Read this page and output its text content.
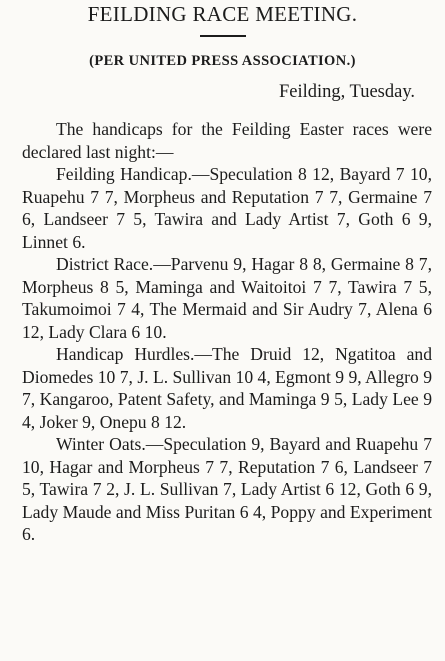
FEILDING RACE MEETING.
(PER UNITED PRESS ASSOCIATION.)
Feilding, Tuesday.

The handicaps for the Feilding Easter races were declared last night:—

Feilding Handicap.—Speculation 8 12, Bayard 7 10, Ruapehu 7 7, Morpheus and Reputation 7 7, Germaine 7 6, Landseer 7 5, Tawira and Lady Artist 7, Goth 6 9, Linnet 6.

District Race.—Parvenu 9, Hagar 8 8, Germaine 8 7, Morpheus 8 5, Maminga and Waitoitoi 7 7, Tawira 7 5, Takumoimoi 7 4, The Mermaid and Sir Audry 7, Alena 6 12, Lady Clara 6 10.

Handicap Hurdles.—The Druid 12, Ngatitoa and Diomedes 10 7, J. L. Sullivan 10 4, Egmont 9 9, Allegro 9 7, Kangaroo, Patent Safety, and Maminga 9 5, Lady Lee 9 4, Joker 9, Onepu 8 12.

Winter Oats.—Speculation 9, Bayard and Ruapehu 7 10, Hagar and Morpheus 7 7, Reputation 7 6, Landseer 7 5, Tawira 7 2, J. L. Sullivan 7, Lady Artist 6 12, Goth 6 9, Lady Maude and Miss Puritan 6 4, Poppy and Experiment 6.
